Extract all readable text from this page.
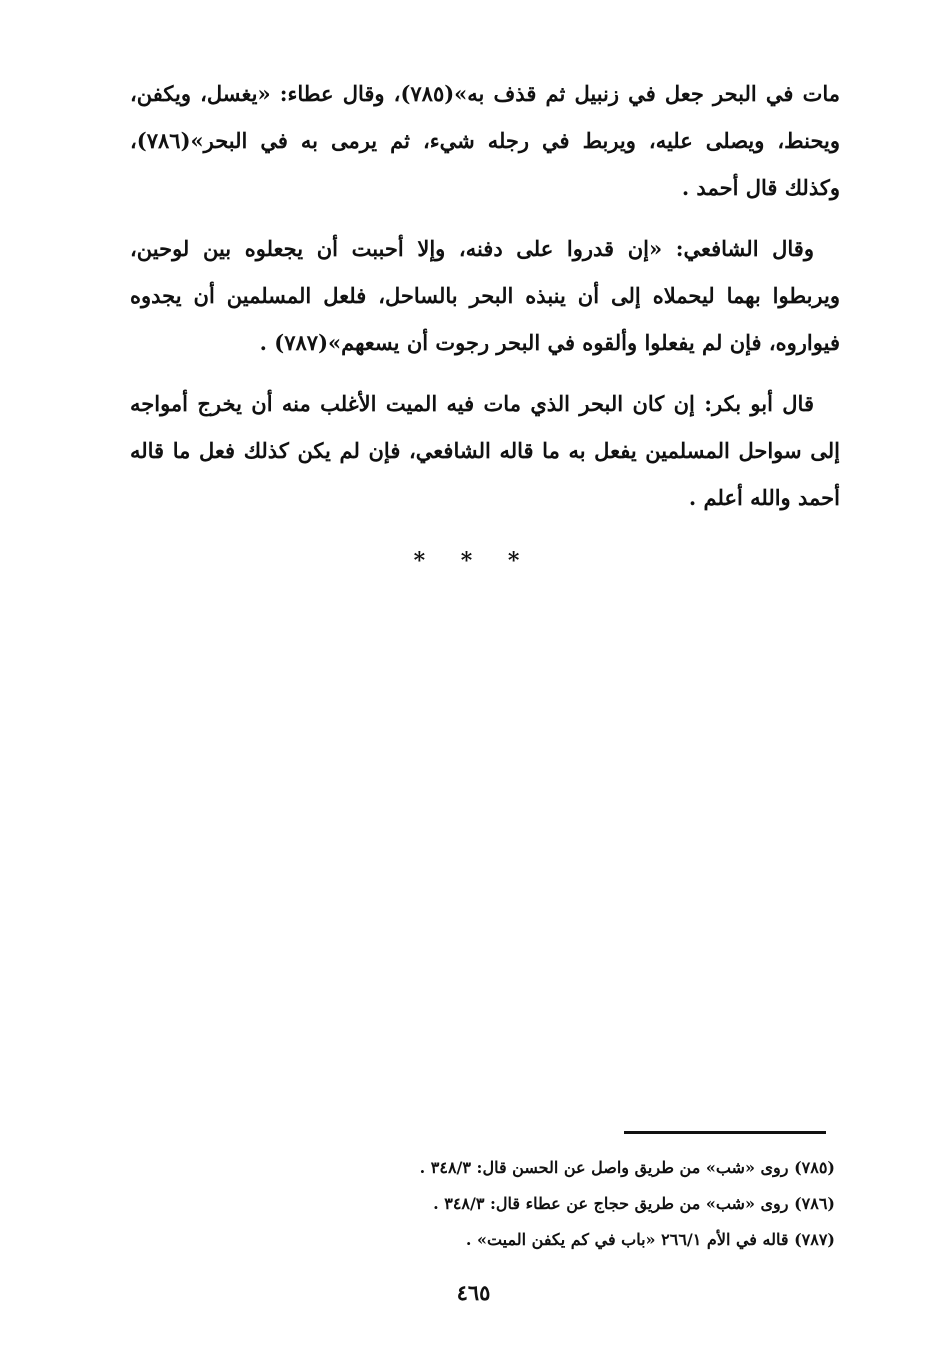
مات في البحر جعل في زنبيل ثم قذف به»(٧٨٥)، وقال عطاء: «يغسل، ويكفن، ويحنط، ويصلى عليه، ويربط في رجله شيء، ثم يرمى به في البحر»(٧٨٦)، وكذلك قال أحمد .

وقال الشافعي: «إن قدروا على دفنه، وإلا أحببت أن يجعلوه بين لوحين، ويربطوا بهما ليحملاه إلى أن ينبذه البحر بالساحل، فلعل المسلمين أن يجدوه فيواروه، فإن لم يفعلوا وألقوه في البحر رجوت أن يسعهم»(٧٨٧) .

قال أبو بكر: إن كان البحر الذي مات فيه الميت الأغلب منه أن يخرج أمواجه إلى سواحل المسلمين يفعل به ما قاله الشافعي، فإن لم يكن كذلك فعل ما قاله أحمد والله أعلم .

* * *
(٧٨٥) روى «شب» من طريق واصل عن الحسن قال: ٣٤٨/٣ .
(٧٨٦) روى «شب» من طريق حجاج عن عطاء قال: ٣٤٨/٣ .
(٧٨٧) قاله في الأم ٢٦٦/١ «باب في كم يكفن الميت» .
٤٦٥
